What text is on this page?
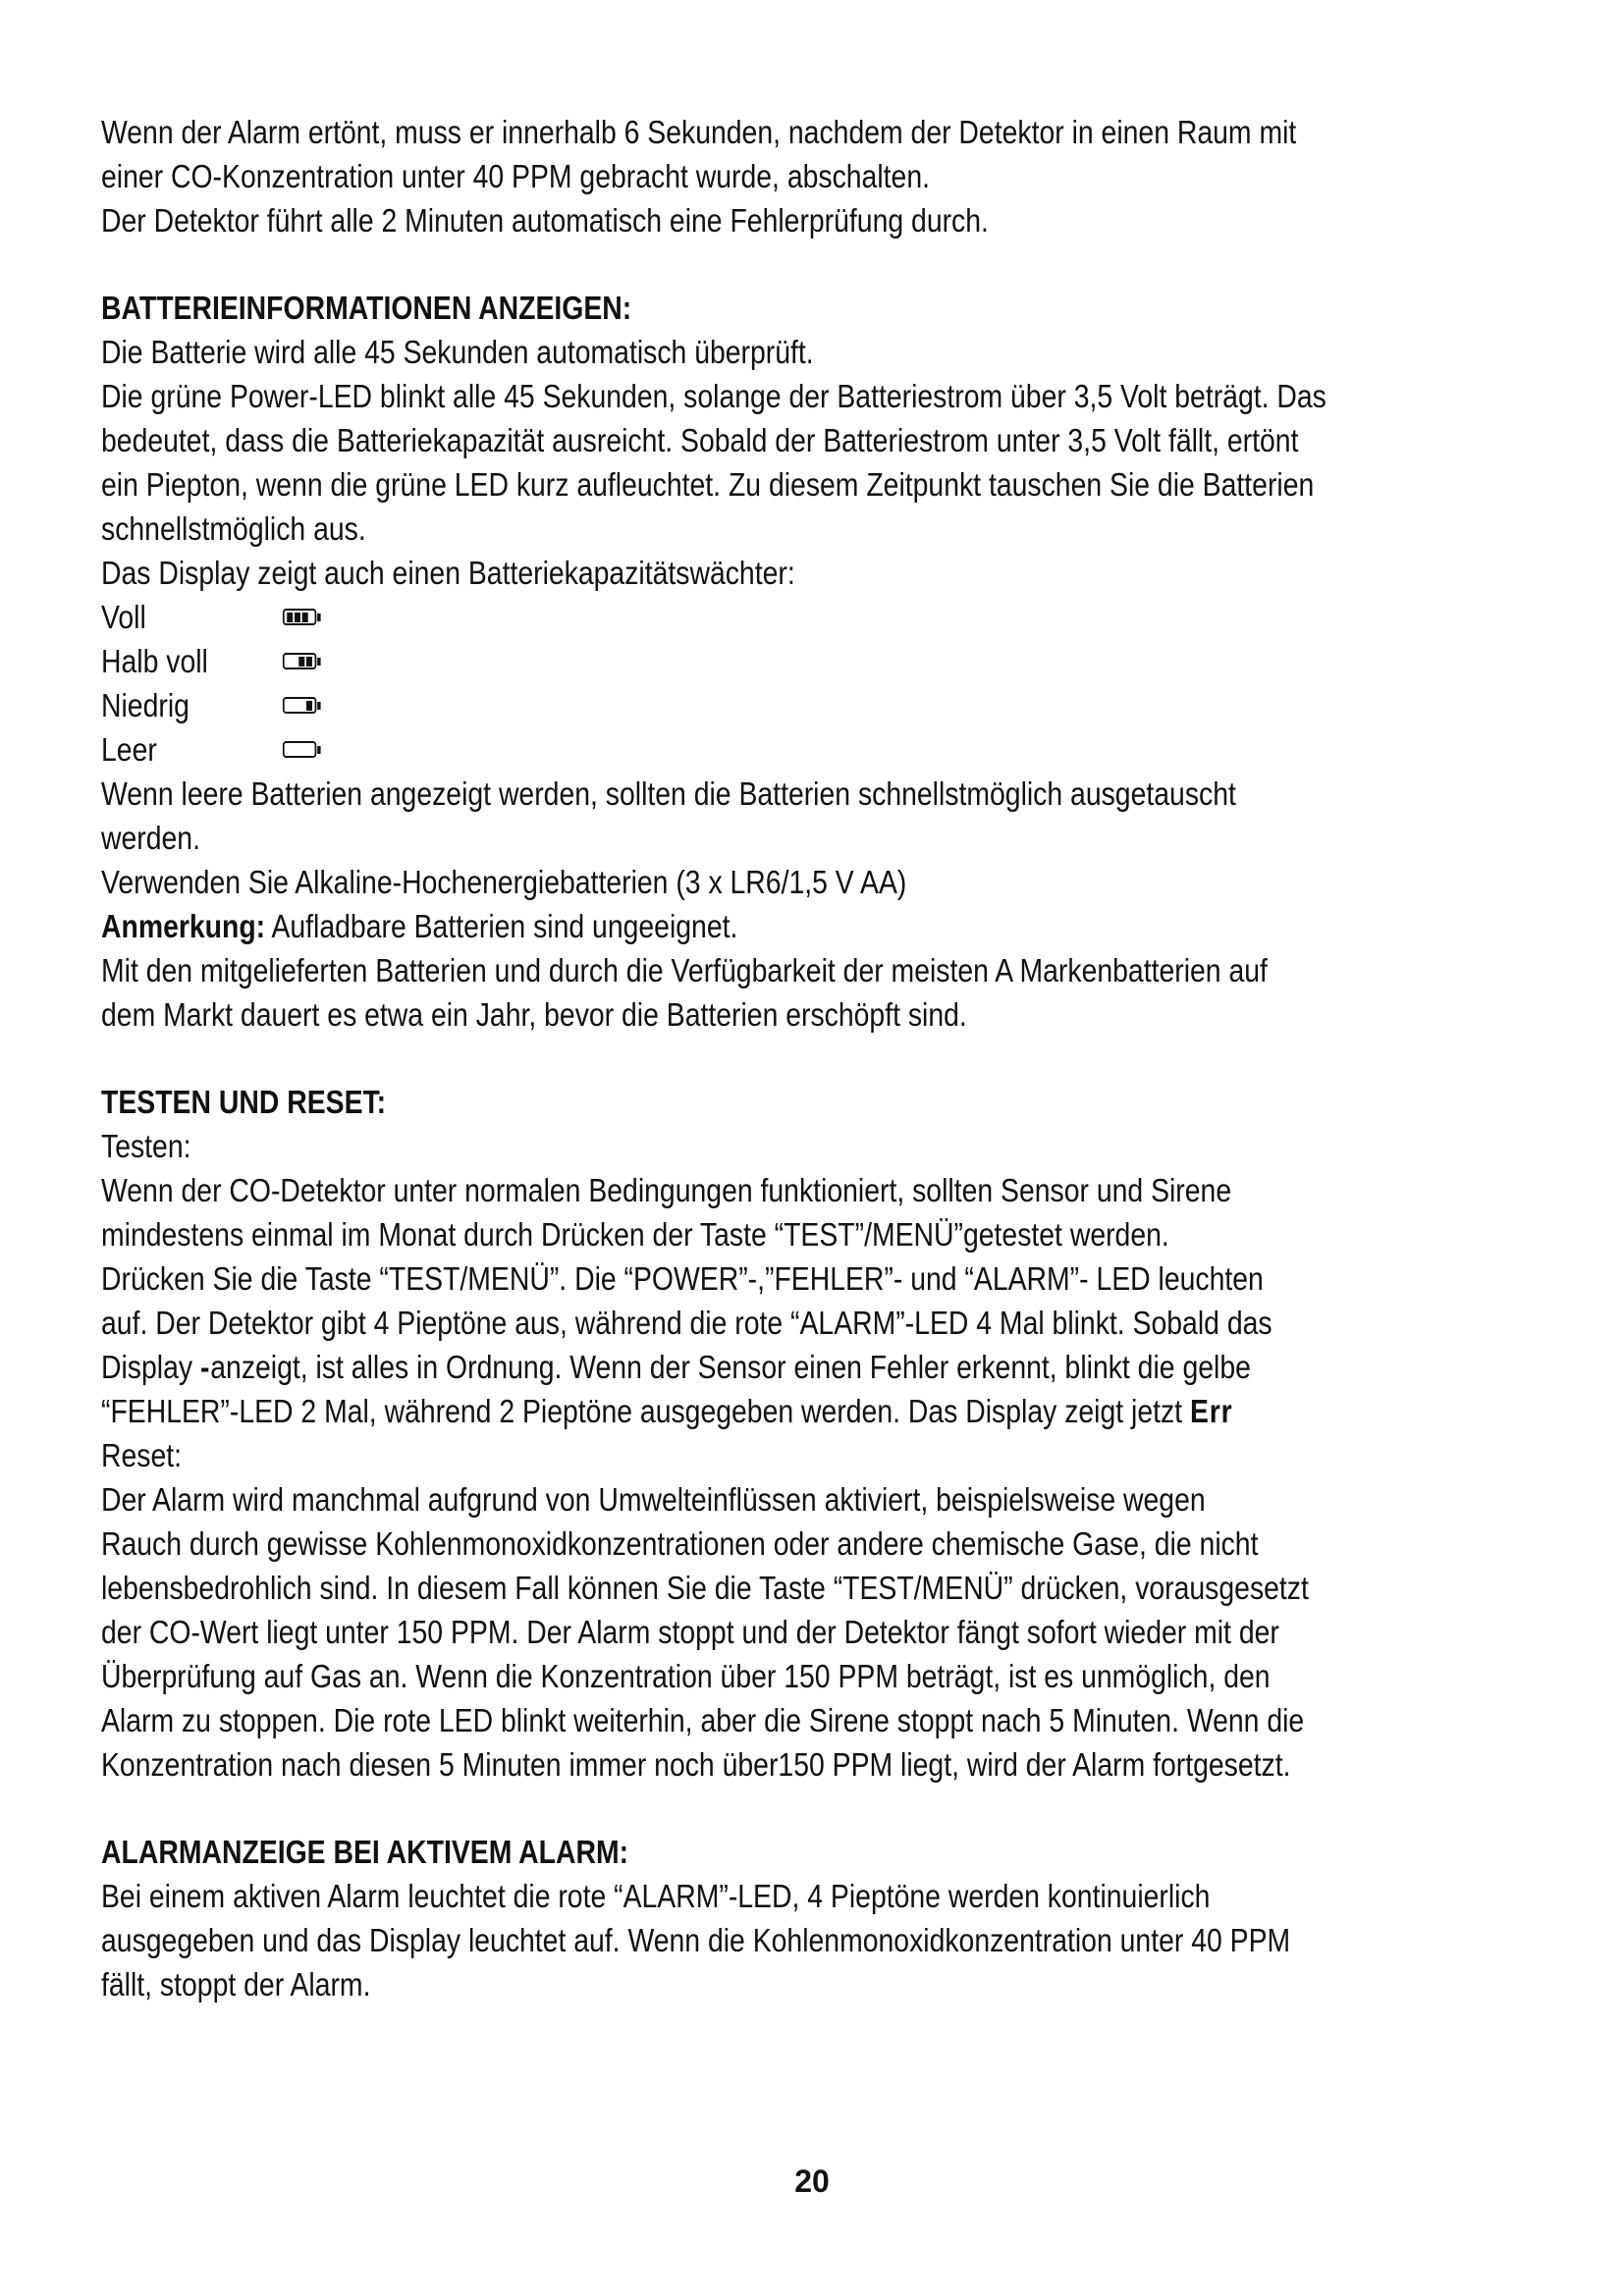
Wenn der Alarm ertönt, muss er innerhalb 6 Sekunden, nachdem der Detektor in einen Raum mit

einer CO-Konzentration unter 40 PPM gebracht wurde, abschalten.

Der Detektor führt alle 2 Minuten automatisch eine Fehlerprüfung durch.

BATTERIEINFORMATIONEN ANZEIGEN:

Die Batterie wird alle 45 Sekunden automatisch überprüft.

Die grüne Power-LED blinkt alle 45 Sekunden, solange der Batteriestrom über 3,5 Volt beträgt. Das

bedeutet, dass die Batteriekapazität ausreicht. Sobald der Batteriestrom unter 3,5 Volt fällt, ertönt

ein Piepton, wenn die grüne LED kurz aufleuchtet. Zu diesem Zeitpunkt tauschen Sie die Batterien

schnellstmöglich aus.

Das Display zeigt auch einen Batteriekapazitätswächter:

Voll
Halb voll
Niedrig
Leer

Wenn leere Batterien angezeigt werden, sollten die Batterien schnellstmöglich ausgetauscht

werden.

Verwenden Sie Alkaline-Hochenergiebatterien (3 x LR6/1,5 V AA)

Anmerkung: Aufladbare Batterien sind ungeeignet.

Mit den mitgelieferten Batterien und durch die Verfügbarkeit der meisten A Markenbatterien auf

dem Markt dauert es etwa ein Jahr, bevor die Batterien erschöpft sind.

TESTEN UND RESET:

Testen:

Wenn der CO-Detektor unter normalen Bedingungen funktioniert, sollten Sensor und Sirene

mindestens einmal im Monat durch Drücken der Taste “TEST”/MENÜ”getestet werden.

Drücken Sie die Taste “TEST/MENÜ”. Die “POWER”-,”FEHLER”- und “ALARM”- LED leuchten

auf. Der Detektor gibt 4 Pieptöne aus, während die rote “ALARM”-LED 4 Mal blinkt. Sobald das

Display -anzeigt, ist alles in Ordnung. Wenn der Sensor einen Fehler erkennt, blinkt die gelbe

“FEHLER”-LED 2 Mal, während 2 Pieptöne ausgegeben werden. Das Display zeigt jetzt Err

Reset:

Der Alarm wird manchmal aufgrund von Umwelteinflüssen aktiviert, beispielsweise wegen

Rauch durch gewisse Kohlenmonoxidkonzentrationen oder andere chemische Gase, die nicht

lebensbedrohlich sind. In diesem Fall können Sie die Taste “TEST/MENÜ” drücken, vorausgesetzt

der CO-Wert liegt unter 150 PPM. Der Alarm stoppt und der Detektor fängt sofort wieder mit der

Überprüfung auf Gas an. Wenn die Konzentration über 150 PPM beträgt, ist es unmöglich, den

Alarm zu stoppen. Die rote LED blinkt weiterhin, aber die Sirene stoppt nach 5 Minuten. Wenn die

Konzentration nach diesen 5 Minuten immer noch über150 PPM liegt, wird der Alarm fortgesetzt.

ALARMANZEIGE BEI AKTIVEM ALARM:

Bei einem aktiven Alarm leuchtet die rote “ALARM”-LED, 4 Pieptöne werden kontinuierlich

ausgegeben und das Display leuchtet auf. Wenn die Kohlenmonoxidkonzentration unter 40 PPM

fällt, stoppt der Alarm.

20
